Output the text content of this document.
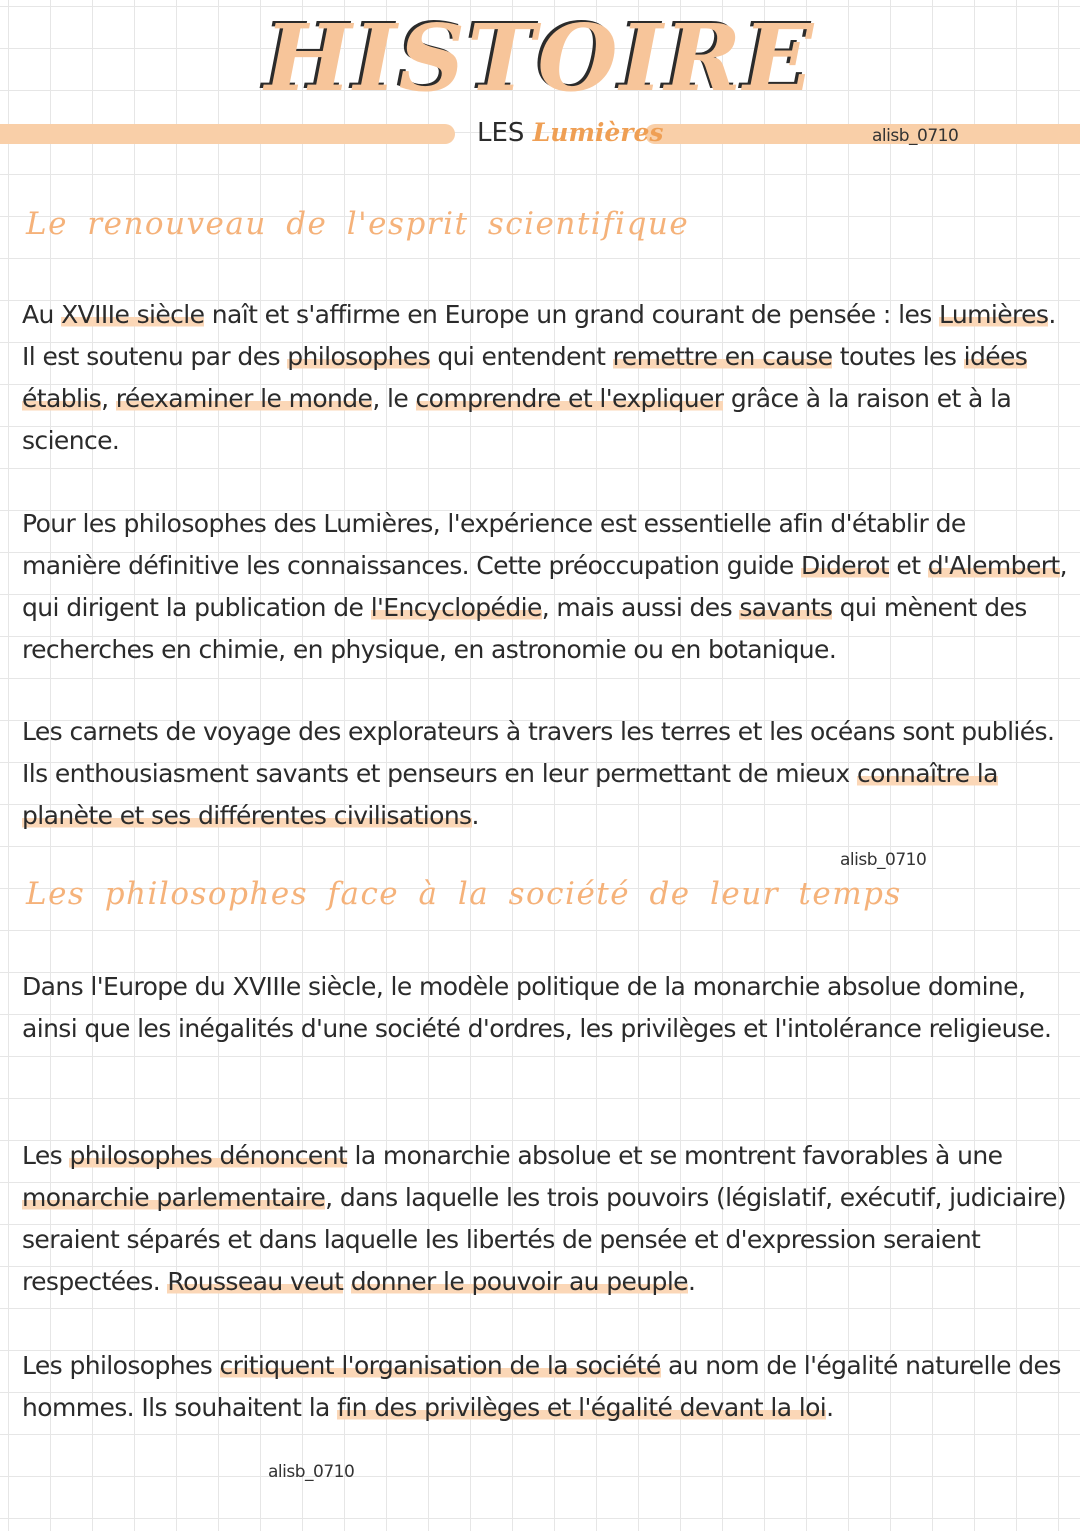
HISTOIRE
LES Lumières	alisb_0710
Le renouveau de l'esprit scientifique

Au XVIIIe siècle naît et s'affirme en Europe un grand courant de pensée : les Lumières. Il est soutenu par des philosophes qui entendent remettre en cause toutes les idées établis, réexaminer le monde, le comprendre et l'expliquer grâce à la raison et à la science.

Pour les philosophes des Lumières, l'expérience est essentielle afin d'établir de manière définitive les connaissances. Cette préoccupation guide Diderot et d'Alembert, qui dirigent la publication de l'Encyclopédie, mais aussi des savants qui mènent des recherches en chimie, en physique, en astronomie ou en botanique.

Les carnets de voyage des explorateurs à travers les terres et les océans sont publiés. Ils enthousiasment savants et penseurs en leur permettant de mieux connaître la planète et ses différentes civilisations.

alisb_0710
Les philosophes face à la société de leur temps

Dans l'Europe du XVIIIe siècle, le modèle politique de la monarchie absolue domine, ainsi que les inégalités d'une société d'ordres, les privilèges et l'intolérance religieuse.

Les philosophes dénoncent la monarchie absolue et se montrent favorables à une monarchie parlementaire, dans laquelle les trois pouvoirs (législatif, exécutif, judiciaire) seraient séparés et dans laquelle les libertés de pensée et d'expression seraient respectées. Rousseau veut donner le pouvoir au peuple.

Les philosophes critiquent l'organisation de la société au nom de l'égalité naturelle des hommes. Ils souhaitent la fin des privilèges et l'égalité devant la loi.

alisb_0710
